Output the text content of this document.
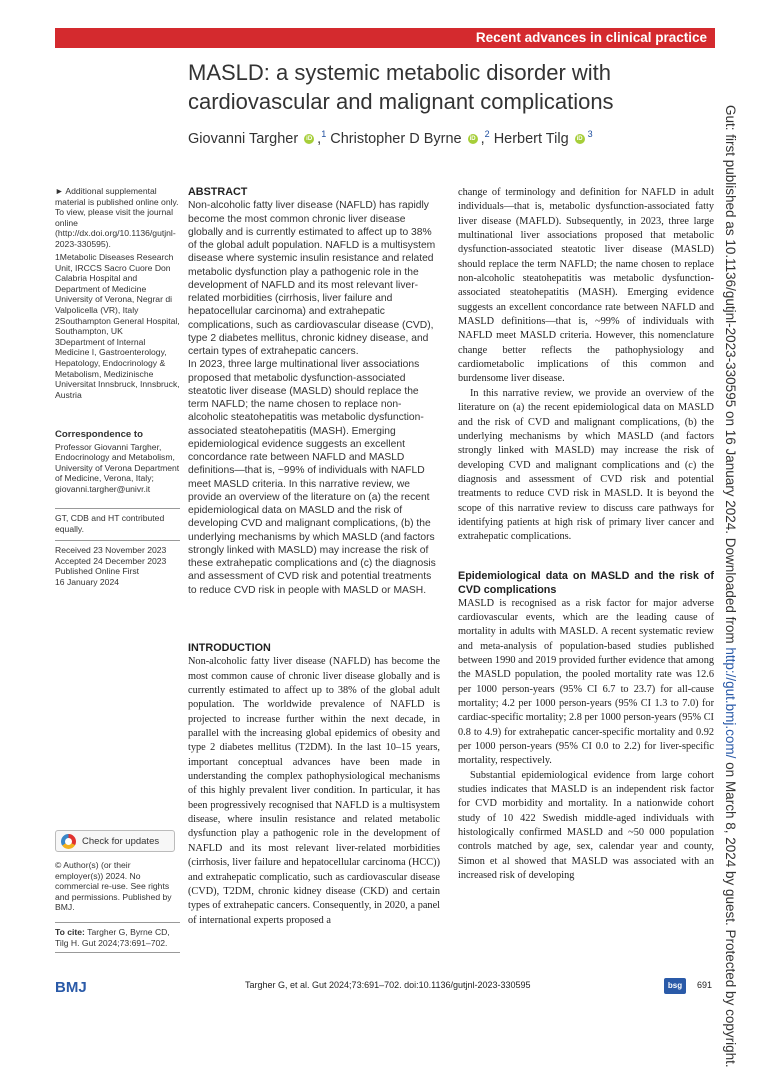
Recent advances in clinical practice
MASLD: a systemic metabolic disorder with cardiovascular and malignant complications
Giovanni Targher iD ,$^1$ Christopher D Byrne iD ,$^2$ Herbert Tilg iD $^3$

► Additional supplemental material is published online only. To view, please visit the journal online (http://dx.doi.org/10.1136/gutjnl-2023-330595).

1Metabolic Diseases Research Unit, IRCCS Sacro Cuore Don Calabria Hospital and Department of Medicine University of Verona, Negrar di Valpolicella (VR), Italy

2Southampton General Hospital, Southampton, UK

3Department of Internal Medicine I, Gastroenterology, Hepatology, Endocrinology & Metabolism, Medizinische Universitat Innsbruck, Innsbruck, Austria

Correspondence to

Professor Giovanni Targher, Endocrinology and Metabolism, University of Verona Department of Medicine, Verona, Italy; giovanni.targher@univr.it

GT, CDB and HT contributed equally.

Received 23 November 2023

Accepted 24 December 2023

Published Online First

16 January 2024

Check for updates

© Author(s) (or their employer(s)) 2024. No commercial re-use. See rights and permissions. Published by BMJ.

To cite: Targher G, Byrne CD, Tilg H. Gut 2024;73:691–702.
ABSTRACT

Non-alcoholic fatty liver disease (NAFLD) has rapidly become the most common chronic liver disease globally and is currently estimated to affect up to 38% of the global adult population. NAFLD is a multisystem disease where systemic insulin resistance and related metabolic dysfunction play a pathogenic role in the development of NAFLD and its most relevant liver-related morbidities (cirrhosis, liver failure and hepatocellular carcinoma) and extrahepatic complications, such as cardiovascular disease (CVD), type 2 diabetes mellitus, chronic kidney disease, and certain types of extrahepatic cancers.

In 2023, three large multinational liver associations proposed that metabolic dysfunction-associated steatotic liver disease (MASLD) should replace the term NAFLD; the name chosen to replace non-alcoholic steatohepatitis was metabolic dysfunction-associated steatohepatitis (MASH). Emerging epidemiological evidence suggests an excellent concordance rate between NAFLD and MASLD definitions—that is, ~99% of individuals with NAFLD meet MASLD criteria. In this narrative review, we provide an overview of the literature on (a) the recent epidemiological data on MASLD and the risk of developing CVD and malignant complications, (b) the underlying mechanisms by which MASLD (and factors strongly linked with MASLD) may increase the risk of these extrahepatic complications and (c) the diagnosis and assessment of CVD risk and potential treatments to reduce CVD risk in people with MASLD or MASH.

INTRODUCTION

Non-alcoholic fatty liver disease (NAFLD) has become the most common cause of chronic liver disease globally and is currently estimated to affect up to 38% of the global adult population. The worldwide prevalence of NAFLD is projected to increase further within the next decade, in parallel with the increasing global epidemics of obesity and type 2 diabetes mellitus (T2DM). In the last 10–15 years, important conceptual advances have been made in understanding the complex pathophysiological mechanisms of this highly prevalent liver condition. In particular, it has been progressively recognised that NAFLD is a multisystem disease, where insulin resistance and related metabolic dysfunction play a pathogenic role in the development of NAFLD and its most relevant liver-related morbidities (cirrhosis, liver failure and hepatocellular carcinoma (HCC)) and extrahepatic complicatio, such as cardiovascular disease (CVD), T2DM, chronic kidney disease (CKD) and certain types of extrahepatic cancers. Consequently, in 2020, a panel of international experts proposed a

change of terminology and definition for NAFLD in adult individuals—that is, metabolic dysfunction-associated fatty liver disease (MAFLD). Subsequently, in 2023, three large multinational liver associations proposed that metabolic dysfunction-associated steatotic liver disease (MASLD) should replace the term NAFLD; the name chosen to replace non-alcoholic steatohepatitis was metabolic dysfunction-associated steatohepatitis (MASH). Emerging evidence suggests an excellent concordance rate between NAFLD and MASLD definitions—that is, ~99% of individuals with NAFLD meet MASLD criteria. However, this nomenclature change better reflects the pathophysiology and cardiometabolic implications of this common and burdensome liver disease.

In this narrative review, we provide an overview of the literature on (a) the recent epidemiological data on MASLD and the risk of CVD and malignant complications, (b) the underlying mechanisms by which MASLD (and factors strongly linked with MASLD) may increase the risk of developing CVD and malignant complications and (c) the diagnosis and assessment of CVD risk and potential treatments to reduce CVD risk in MASLD. It is beyond the scope of this narrative review to discuss care pathways for identifying patients at high risk of primary liver cancer and extrahepatic complications.

Epidemiological data on MASLD and the risk of CVD complications

MASLD is recognised as a risk factor for major adverse cardiovascular events, which are the leading cause of mortality in adults with MASLD. A recent systematic review and meta-analysis of population-based studies published between 1990 and 2019 provided further evidence that among the MASLD population, the pooled mortality rate was 12.6 per 1000 person-years (95% CI 6.7 to 23.7) for all-cause mortality; 4.2 per 1000 person-years (95% CI 1.3 to 7.0) for cardiac-specific mortality; 2.8 per 1000 person-years (95% CI 0.8 to 4.9) for extrahepatic cancer-specific mortality and 0.92 per 1000 person-years (95% CI 0.0 to 2.2) for liver-specific mortality, respectively.

Substantial epidemiological evidence from large cohort studies indicates that MASLD is an independent risk factor for CVD morbidity and mortality. In a nationwide cohort study of 10 422 Swedish middle-aged individuals with histologically confirmed MASLD and ~50 000 population controls matched by age, sex, calendar year and county, Simon et al showed that MASLD was associated with an increased risk of developing

BMJ	Targher G, et al. Gut 2024;73:691–702. doi:10.1136/gutjnl-2023-330595	bsg	691
Gut: first published as 10.1136/gutjnl-2023-330595 on 16 January 2024. Downloaded from http://gut.bmj.com/ on March 8, 2024 by guest. Protected by copyright.
